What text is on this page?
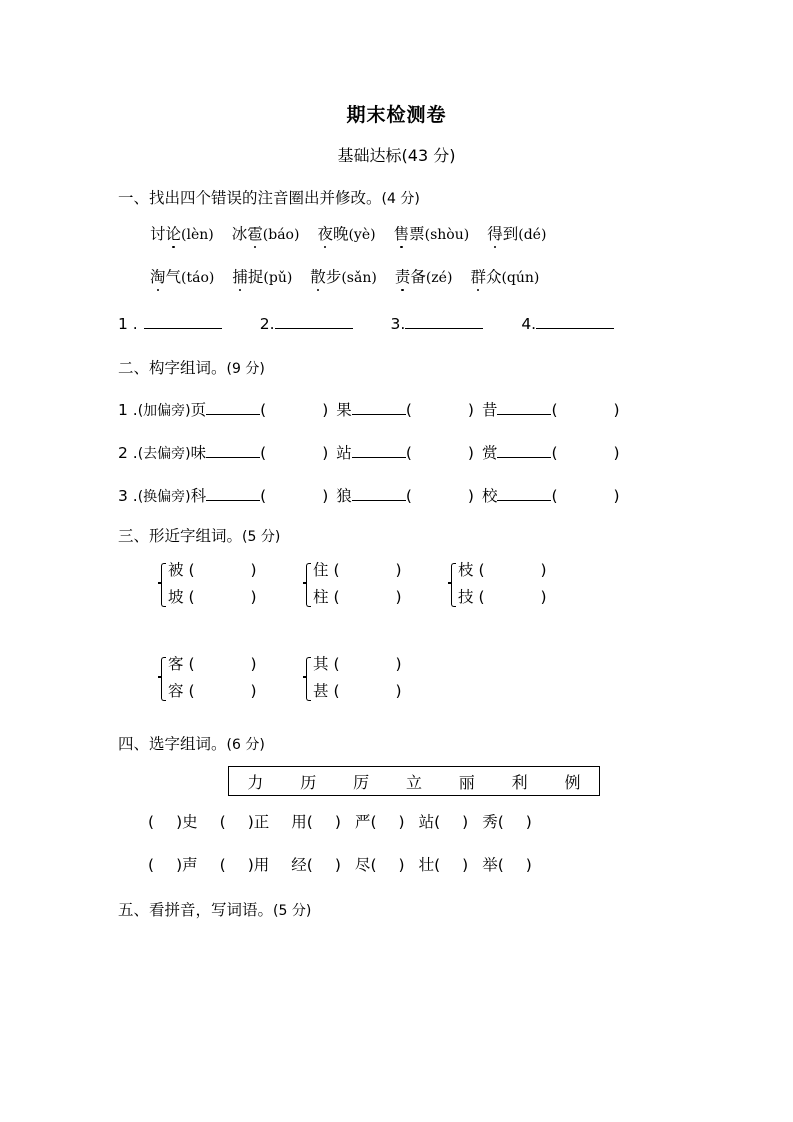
期末检测卷
基础达标(43 分)
一、找出四个错误的注音圈出并修改。(4 分)
讨论(lèn) 冰雹(báo) 夜晚(yè) 售票(shòu) 得到(dé)
淘气(táo) 捕捉(pǔ) 散步(sǎn) 责备(zé) 群众(qún)
1 .	2.	3.	4.
二、构字组词。(9 分)
1 .(加偏旁)页	(	) 果	(	) 昔	(	)
2 .(去偏旁)味	(	) 站	(	) 赏	(	)
3 .(换偏旁)科	(	) 狼	(	) 校	(	)
三、形近字组词。(5 分)
被 (	)
坡 (	)
住 (	)
柱 (	)
枝 (	)
技 (	)
客 (	)
容 (	)
其 (	)
甚 (	)
四、选字组词。(6 分)
力 历 厉 立 丽 利 例
( )史 ( )正 用( ) 严( ) 站( ) 秀( )
( )声 ( )用 经( ) 尽( ) 壮( ) 举( )
五、看拼音，写词语。(5 分)
